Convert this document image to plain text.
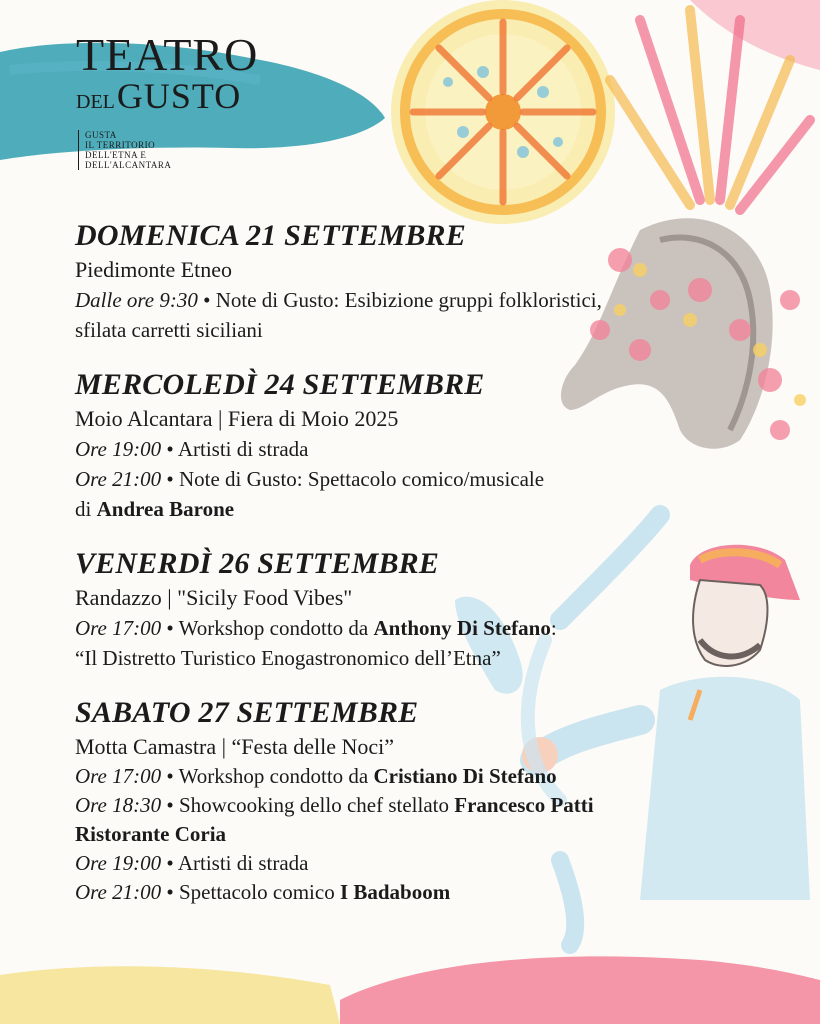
TEATRO
DELGUSTO
GUSTA
IL TERRITORIO
DELL'ETNA E
DELL'ALCANTARA
DOMENICA 21 SETTEMBRE
Piedimonte Etneo
Dalle ore 9:30 • Note di Gusto: Esibizione gruppi folkloristici,
sfilata carretti siciliani
MERCOLEDÌ 24 SETTEMBRE
Moio Alcantara | Fiera di Moio 2025
Ore 19:00 • Artisti di strada
Ore 21:00 • Note di Gusto: Spettacolo comico/musicale
di Andrea Barone
VENERDÌ 26 SETTEMBRE
Randazzo | "Sicily Food Vibes"
Ore 17:00 • Workshop condotto da Anthony Di Stefano:
“Il Distretto Turistico Enogastronomico dell’Etna”
SABATO 27 SETTEMBRE
Motta Camastra | “Festa delle Noci”
Ore 17:00 • Workshop condotto da Cristiano Di Stefano
Ore 18:30 • Showcooking dello chef stellato Francesco Patti
Ristorante Coria
Ore 19:00 • Artisti di strada
Ore 21:00 • Spettacolo comico I Badaboom
